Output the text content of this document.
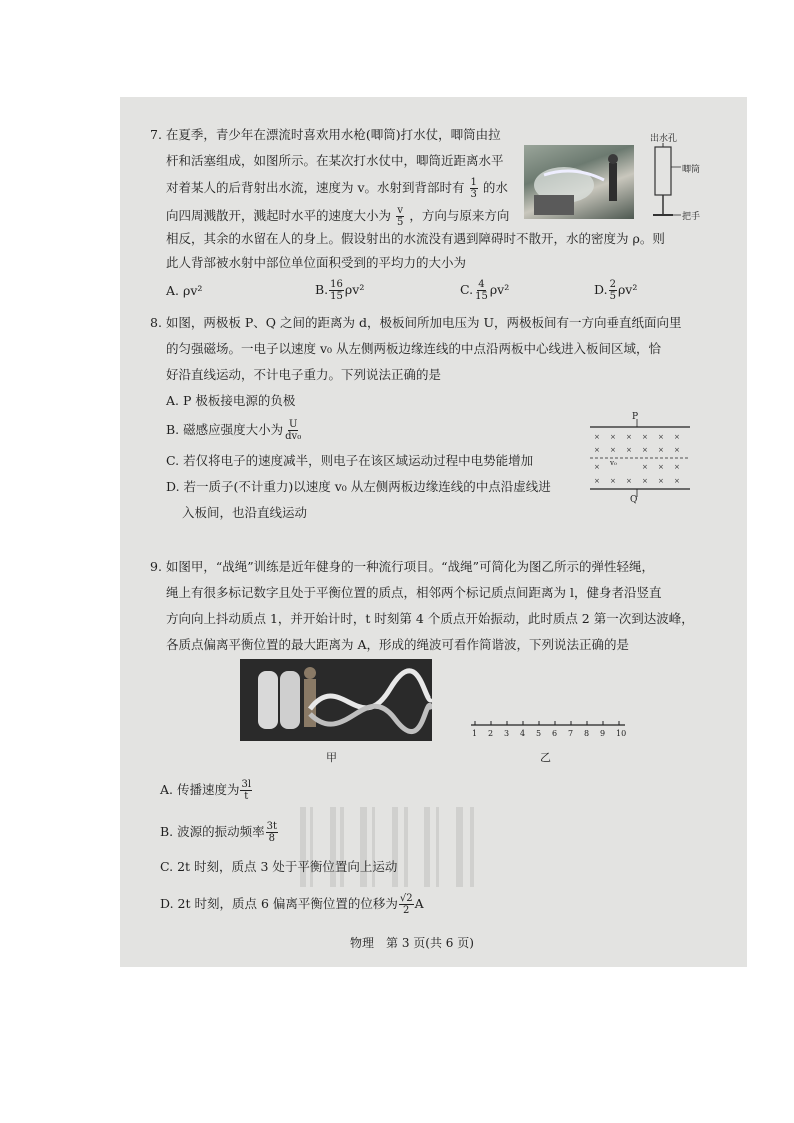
7. 在夏季，青少年在漂流时喜欢用水枪(唧筒)打水仗，唧筒由拉
杆和活塞组成，如图所示。在某次打水仗中，唧筒近距离水平
对着某人的后背射出水流，速度为 v。水射到背部时有 $\frac{1}{3}$ 的水
向四周溅散开，溅起时水平的速度大小为 $\frac{v}{5}$ ，方向与原来方向
相反，其余的水留在人的身上。假设射出的水流没有遇到障碍时不散开，水的密度为 ρ。则
此人背部被水射中部位单位面积受到的平均力的大小为
A. ρv²	B. $\frac{16}{15} \rho v^2$	C. $\frac{4}{15} \rho v^2$	D. $\frac{2}{5} \rho v^2$
出水孔
唧筒
把手
8. 如图，两极板 P、Q 之间的距离为 d，极板间所加电压为 U，两极板间有一方向垂直纸面向里
的匀强磁场。一电子以速度 v₀ 从左侧两板边缘连线的中点沿两板中心线进入板间区域，恰
好沿直线运动，不计电子重力。下列说法正确的是
A. P 极板接电源的负极
B. 磁感应强度大小为 $\frac{U}{\text{dv₀}}$
C. 若仅将电子的速度减半，则电子在该区域运动过程中电势能增加
D. 若一质子(不计重力)以速度 v₀ 从左侧两板边缘连线的中点沿虚线进
入板间，也沿直线运动
× × × × × ×
× × × × × ×
×	× × ×
× × × × × ×
P
Q
v₀
9. 如图甲，“战绳”训练是近年健身的一种流行项目。“战绳”可简化为图乙所示的弹性轻绳，
绳上有很多标记数字且处于平衡位置的质点，相邻两个标记质点间距离为 l，健身者沿竖直
方向向上抖动质点 1，并开始计时，t 时刻第 4 个质点开始振动，此时质点 2 第一次到达波峰，
各质点偏离平衡位置的最大距离为 A，形成的绳波可看作简谐波，下列说法正确的是
甲
1 2 3 4 5 6 7 8 9 10
乙
A. 传播速度为 $\frac{3l}{t}$
B. 波源的振动频率 $\frac{3t}{8}$
C. 2t 时刻，质点 3 处于平衡位置向上运动
D. 2t 时刻，质点 6 偏离平衡位置的位移为 $\frac{√2}{2}$ A
物理　第 3 页(共 6 页)
